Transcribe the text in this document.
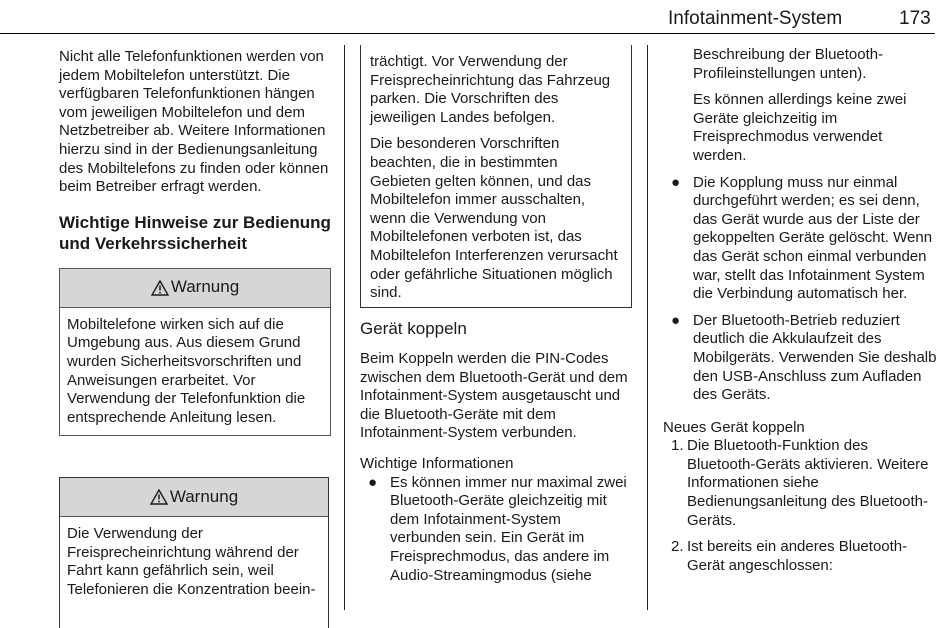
Infotainment-System	173

Nicht alle Telefonfunktionen werden von jedem Mobiltelefon unterstützt. Die verfügbaren Telefonfunktionen hängen vom jeweiligen Mobiltelefon und dem Netzbetreiber ab. Weitere Informationen hierzu sind in der Bedienungsanleitung des Mobiltelefons zu finden oder können beim Betreiber erfragt werden.

Wichtige Hinweise zur Bedienung und Verkehrssicherheit
Warnung
Mobiltelefone wirken sich auf die Umgebung aus. Aus diesem Grund wurden Sicherheitsvorschriften und Anweisungen erarbeitet. Vor Verwendung der Telefonfunktion die entsprechende Anleitung lesen.
Warnung
Die Verwendung der Freisprecheinrichtung während der Fahrt kann gefährlich sein, weil Telefonieren die Konzentration beein-

trächtigt. Vor Verwendung der Freisprecheinrichtung das Fahrzeug parken. Die Vorschriften des jeweiligen Landes befolgen.

Die besonderen Vorschriften beachten, die in bestimmten Gebieten gelten können, und das Mobiltelefon immer ausschalten, wenn die Verwendung von Mobiltelefonen verboten ist, das Mobiltelefon Interferenzen verursacht oder gefährliche Situationen möglich sind.

Gerät koppeln

Beim Koppeln werden die PIN-Codes zwischen dem Bluetooth-Gerät und dem Infotainment-System ausgetauscht und die Bluetooth-Geräte mit dem Infotainment-System verbunden.

Wichtige Informationen
● Es können immer nur maximal zwei Bluetooth-Geräte gleichzeitig mit dem Infotainment-System verbunden sein. Ein Gerät im Freisprechmodus, das andere im Audio-Streamingmodus (siehe
Beschreibung der Bluetooth-Profileinstellungen unten).
Es können allerdings keine zwei Geräte gleichzeitig im Freisprechmodus verwendet werden.
● Die Kopplung muss nur einmal durchgeführt werden; es sei denn, das Gerät wurde aus der Liste der gekoppelten Geräte gelöscht. Wenn das Gerät schon einmal verbunden war, stellt das Infotainment System die Verbindung automatisch her.
● Der Bluetooth-Betrieb reduziert deutlich die Akkulaufzeit des Mobilgeräts. Verwenden Sie deshalb den USB-Anschluss zum Aufladen des Geräts.
Neues Gerät koppeln
1. Die Bluetooth-Funktion des Bluetooth-Geräts aktivieren. Weitere Informationen siehe Bedienungsanleitung des Bluetooth-Geräts.
2. Ist bereits ein anderes Bluetooth-Gerät angeschlossen:
